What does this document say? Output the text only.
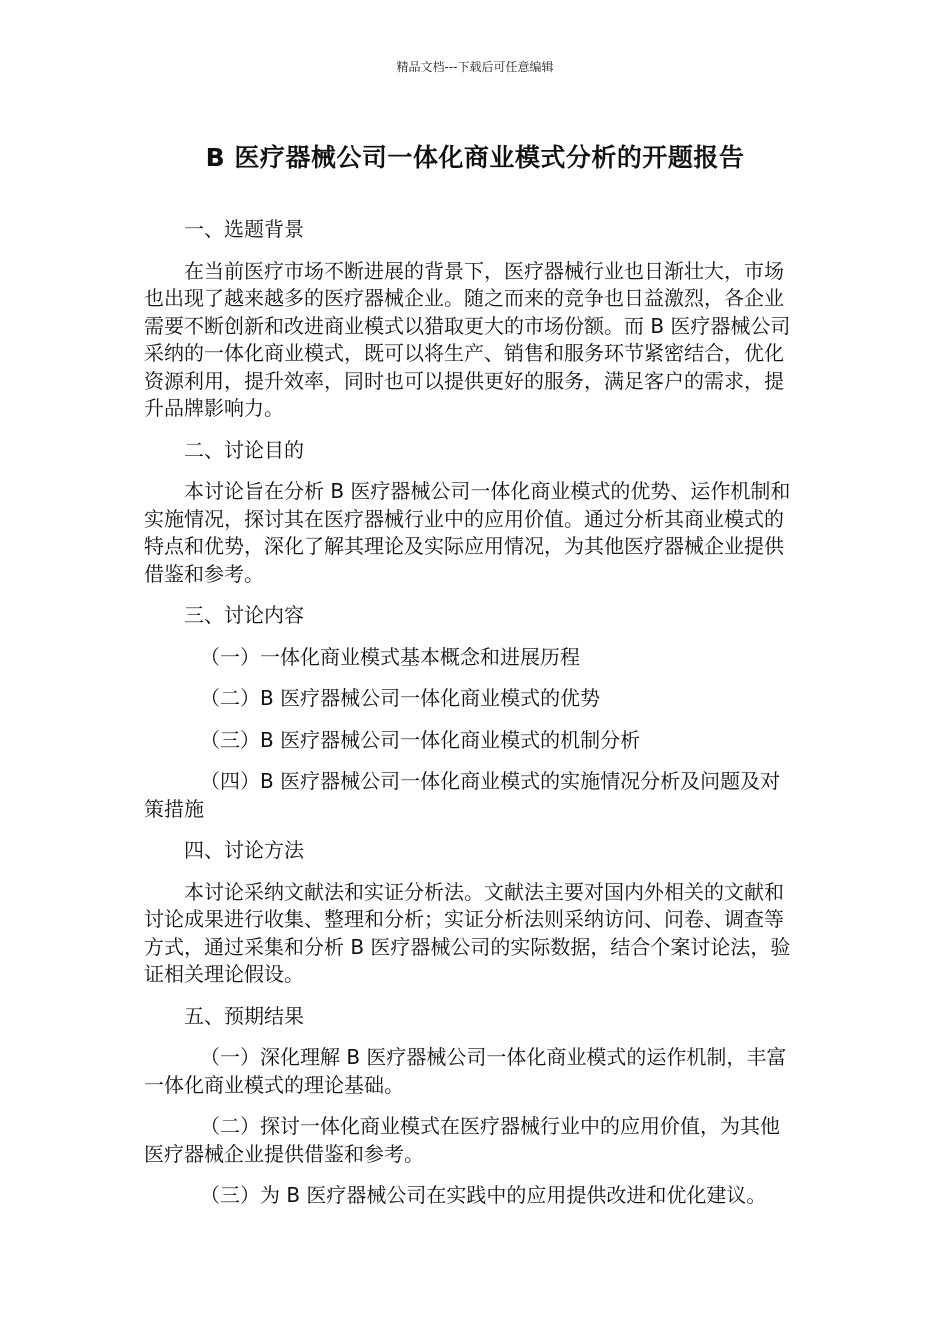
精品文档---下载后可任意编辑
B 医疗器械公司一体化商业模式分析的开题报告

一、选题背景

在当前医疗市场不断进展的背景下，医疗器械行业也日渐壮大，市场也出现了越来越多的医疗器械企业。随之而来的竞争也日益激烈，各企业需要不断创新和改进商业模式以猎取更大的市场份额。而 B 医疗器械公司采纳的一体化商业模式，既可以将生产、销售和服务环节紧密结合，优化资源利用，提升效率，同时也可以提供更好的服务，满足客户的需求，提升品牌影响力。

二、讨论目的

本讨论旨在分析 B 医疗器械公司一体化商业模式的优势、运作机制和实施情况，探讨其在医疗器械行业中的应用价值。通过分析其商业模式的特点和优势，深化了解其理论及实际应用情况，为其他医疗器械企业提供借鉴和参考。

三、讨论内容

（一）一体化商业模式基本概念和进展历程

（二）B 医疗器械公司一体化商业模式的优势

（三）B 医疗器械公司一体化商业模式的机制分析

（四）B 医疗器械公司一体化商业模式的实施情况分析及问题及对策措施

四、讨论方法

本讨论采纳文献法和实证分析法。文献法主要对国内外相关的文献和讨论成果进行收集、整理和分析；实证分析法则采纳访问、问卷、调查等方式，通过采集和分析 B 医疗器械公司的实际数据，结合个案讨论法，验证相关理论假设。

五、预期结果

（一）深化理解 B 医疗器械公司一体化商业模式的运作机制，丰富一体化商业模式的理论基础。

（二）探讨一体化商业模式在医疗器械行业中的应用价值，为其他医疗器械企业提供借鉴和参考。

（三）为 B 医疗器械公司在实践中的应用提供改进和优化建议。
